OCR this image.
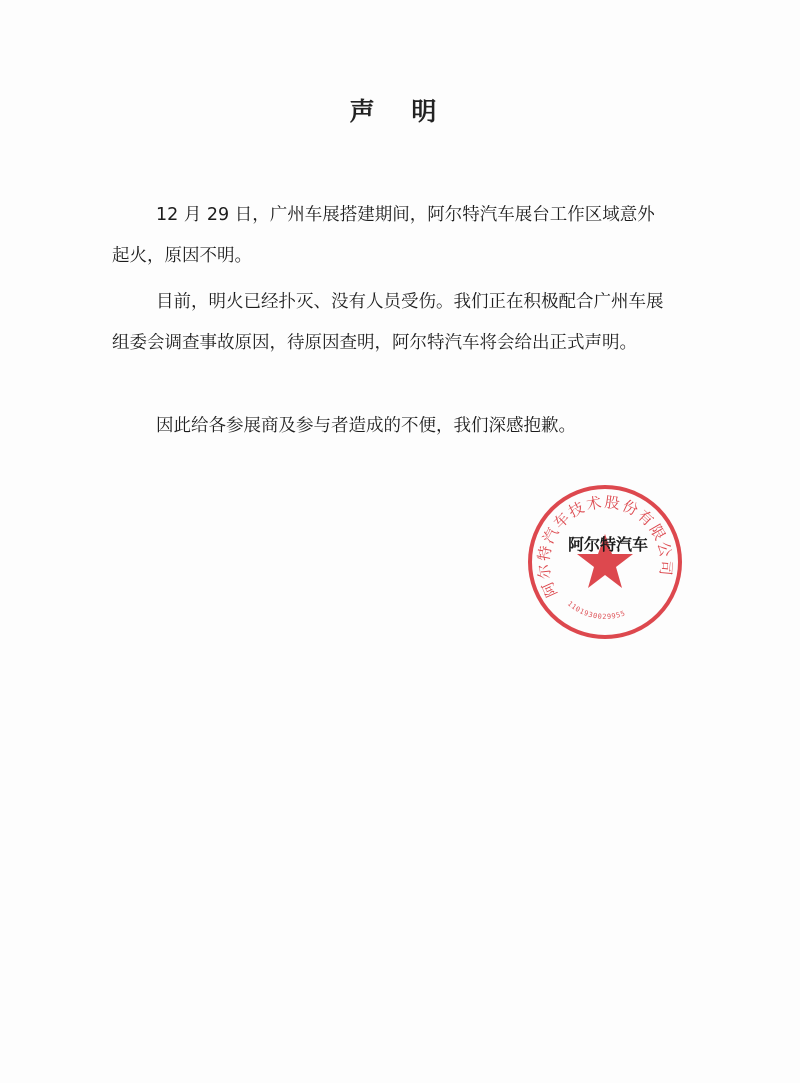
声 明

12 月 29 日，广州车展搭建期间，阿尔特汽车展台工作区域意外起火，原因不明。

目前，明火已经扑灭、没有人员受伤。我们正在积极配合广州车展组委会调查事故原因，待原因查明，阿尔特汽车将会给出正式声明。

因此给各参展商及参与者造成的不便，我们深感抱歉。

阿尔特汽车技术股份有限公司
1101930029955
阿尔特汽车
